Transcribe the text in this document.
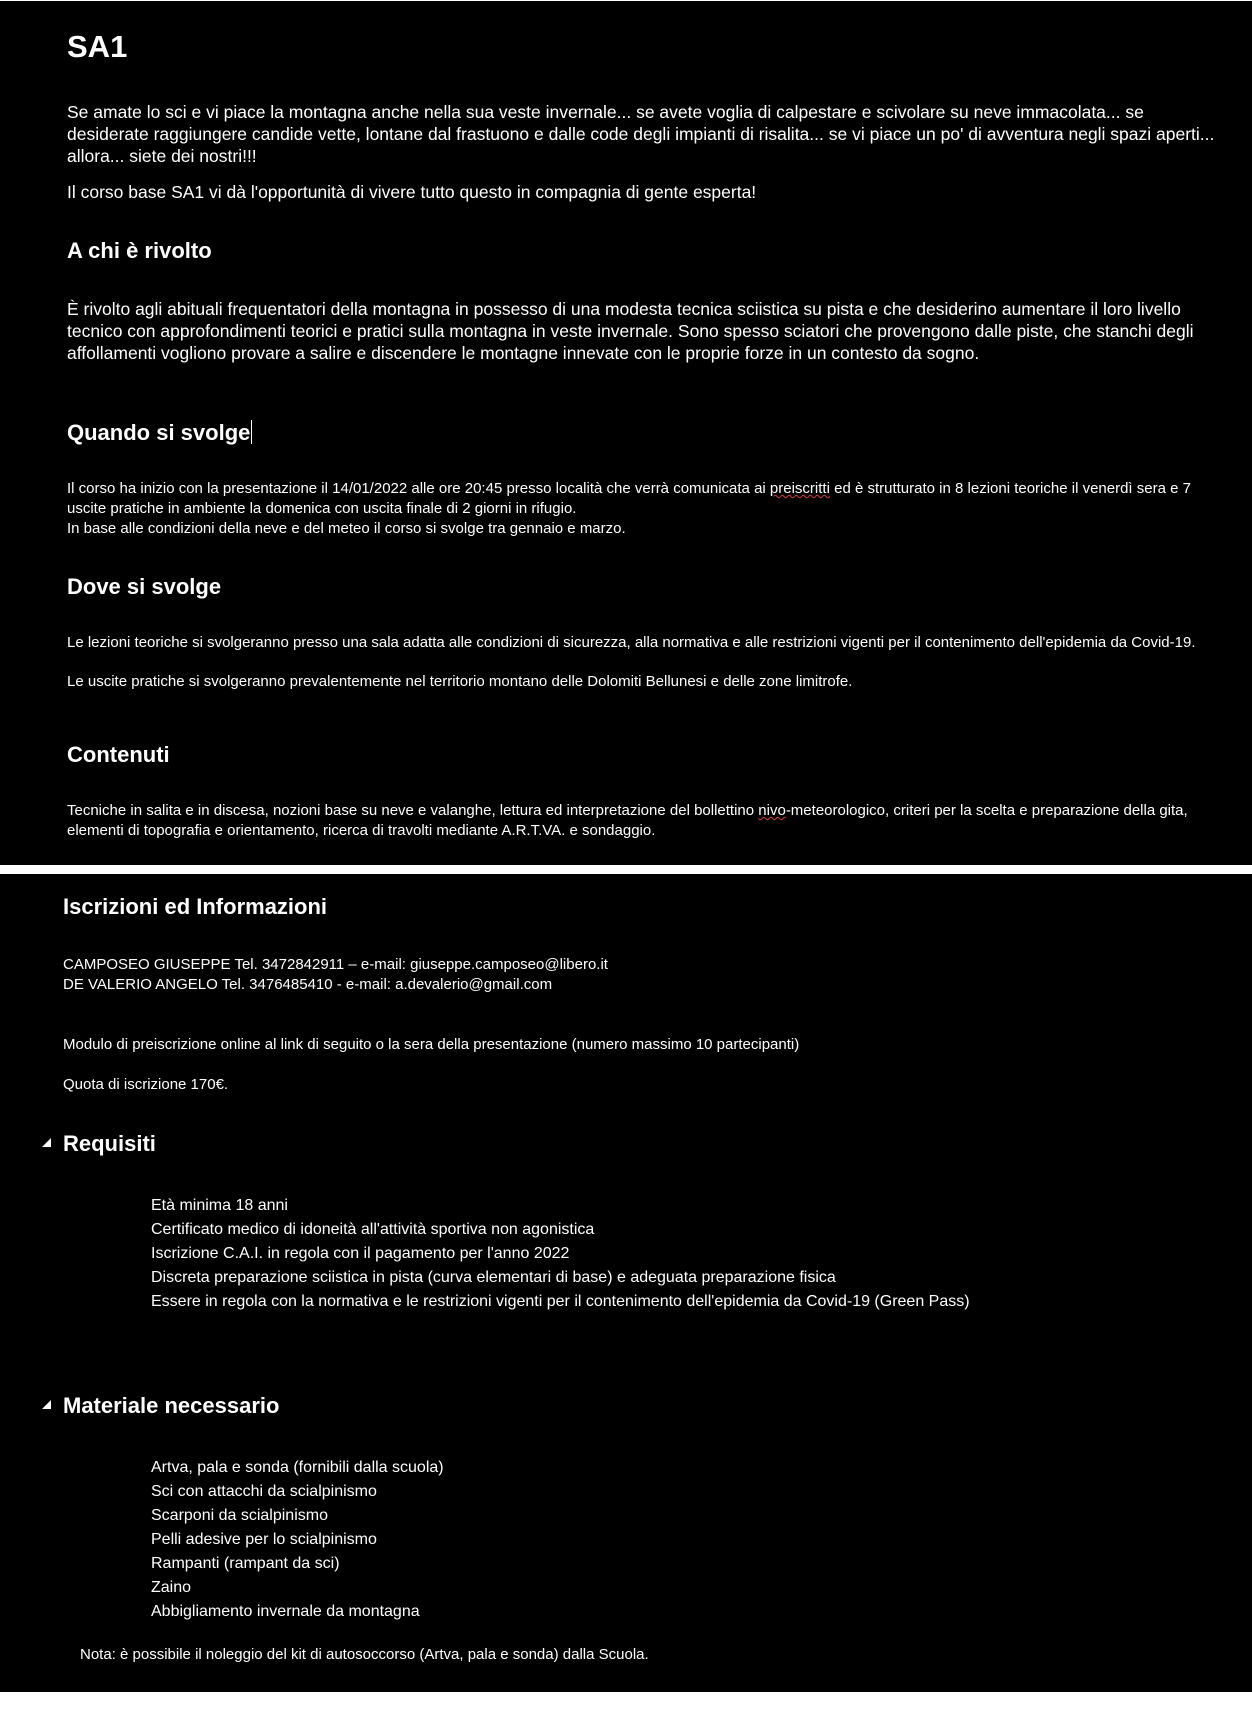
SA1

Se amate lo sci e vi piace la montagna anche nella sua veste invernale... se avete voglia di calpestare e scivolare su neve immacolata... se desiderate raggiungere candide vette, lontane dal frastuono e dalle code degli impianti di risalita... se vi piace un po' di avventura negli spazi aperti... allora... siete dei nostri!!!

Il corso base SA1 vi dà l'opportunità di vivere tutto questo in compagnia di gente esperta!

A chi è rivolto

È rivolto agli abituali frequentatori della montagna in possesso di una modesta tecnica sciistica su pista e che desiderino aumentare il loro livello tecnico con approfondimenti teorici e pratici sulla montagna in veste invernale. Sono spesso sciatori che provengono dalle piste, che stanchi degli affollamenti vogliono provare a salire e discendere le montagne innevate con le proprie forze in un contesto da sogno.

Quando si svolge

Il corso ha inizio con la presentazione il 14/01/2022 alle ore 20:45 presso località che verrà comunicata ai preiscritti ed è strutturato in 8 lezioni teoriche il venerdì sera e 7 uscite pratiche in ambiente la domenica con uscita finale di 2 giorni in rifugio.

In base alle condizioni della neve e del meteo il corso si svolge tra gennaio e marzo.

Dove si svolge

Le lezioni teoriche si svolgeranno presso una sala adatta alle condizioni di sicurezza, alla normativa e alle restrizioni vigenti per il contenimento dell'epidemia da Covid-19.

Le uscite pratiche si svolgeranno prevalentemente nel territorio montano delle Dolomiti Bellunesi e delle zone limitrofe.

Contenuti

Tecniche in salita e in discesa, nozioni base su neve e valanghe, lettura ed interpretazione del bollettino nivo-meteorologico, criteri per la scelta e preparazione della gita, elementi di topografia e orientamento, ricerca di travolti mediante A.R.T.VA. e sondaggio.

Iscrizioni ed Informazioni

CAMPOSEO GIUSEPPE Tel. 3472842911 – e-mail: giuseppe.camposeo@libero.it

DE VALERIO ANGELO Tel. 3476485410 - e-mail: a.devalerio@gmail.com

Modulo di preiscrizione online al link di seguito o la sera della presentazione (numero massimo 10 partecipanti)

Quota di iscrizione 170€.

Requisiti
Età minima 18 anni
Certificato medico di idoneità all'attività sportiva non agonistica
Iscrizione C.A.I. in regola con il pagamento per l'anno 2022
Discreta preparazione sciistica in pista (curva elementari di base) e adeguata preparazione fisica
Essere in regola con la normativa e le restrizioni vigenti per il contenimento dell'epidemia da Covid-19 (Green Pass)
Materiale necessario
Artva, pala e sonda (fornibili dalla scuola)
Sci con attacchi da scialpinismo
Scarponi da scialpinismo
Pelli adesive per lo scialpinismo
Rampanti (rampant da sci)
Zaino
Abbigliamento invernale da montagna

Nota: è possibile il noleggio del kit di autosoccorso (Artva, pala e sonda) dalla Scuola.
